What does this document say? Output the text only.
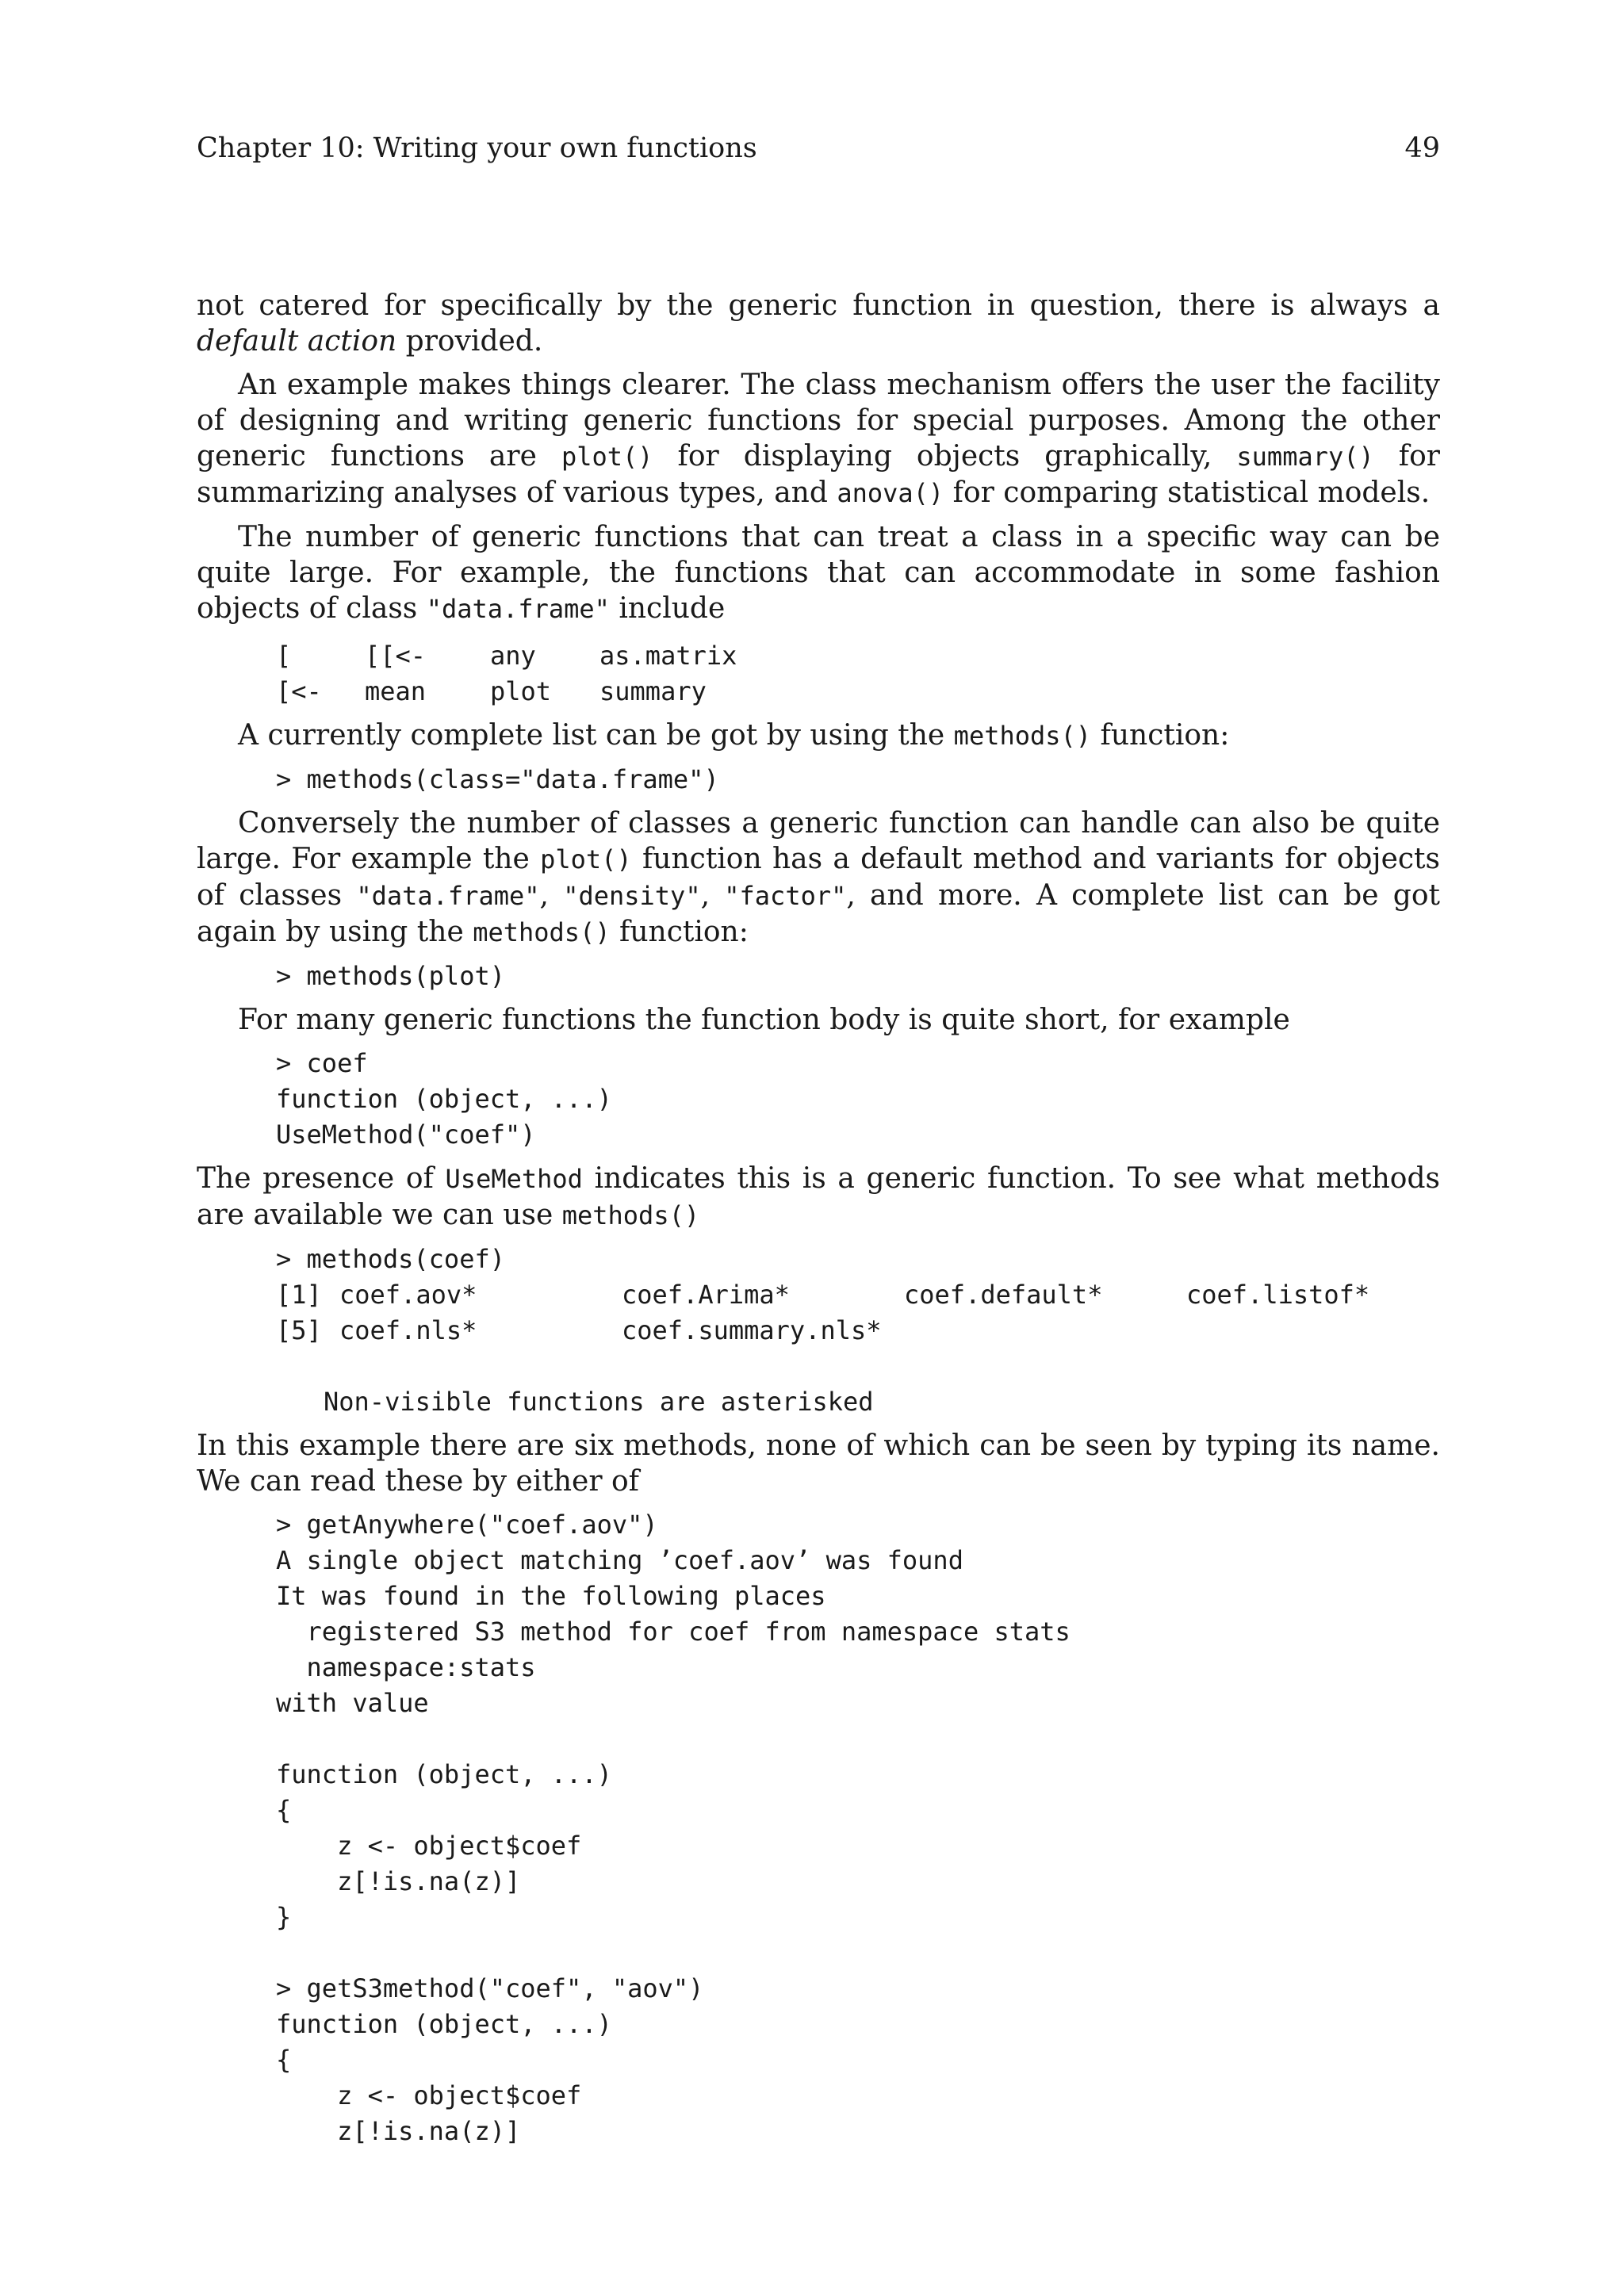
Chapter 10: Writing your own functions	49

not catered for specifically by the generic function in question, there is always a default action provided.

An example makes things clearer. The class mechanism offers the user the facility of designing and writing generic functions for special purposes. Among the other generic functions are plot() for displaying objects graphically, summary() for summarizing analyses of various types, and anova() for comparing statistical models.

The number of generic functions that can treat a class in a specific way can be quite large. For example, the functions that can accommodate in some fashion objects of class "data.frame" include

[	[[<-	any	as.matrix
[<-	mean	plot	summary

A currently complete list can be got by using the methods() function:

> methods(class="data.frame")

Conversely the number of classes a generic function can handle can also be quite large. For example the plot() function has a default method and variants for objects of classes "data.frame", "density", "factor", and more. A complete list can be got again by using the methods() function:

> methods(plot)

For many generic functions the function body is quite short, for example

> coef
function (object, ...)
UseMethod("coef")

The presence of UseMethod indicates this is a generic function. To see what methods are available we can use methods()

> methods(coef)
[1]	coef.aov*	coef.Arima*	coef.default*	coef.listof*
[5]	coef.nls*	coef.summary.nls*		
Non-visible functions are asterisked

In this example there are six methods, none of which can be seen by typing its name. We can read these by either of

> getAnywhere("coef.aov")
A single object matching ’coef.aov’ was found
It was found in the following places
registered S3 method for coef from namespace stats
namespace:stats
with value

function (object, ...)
{
z <- object$coef
z[!is.na(z)]
}

> getS3method("coef", "aov")
function (object, ...)
{
z <- object$coef
z[!is.na(z)]
